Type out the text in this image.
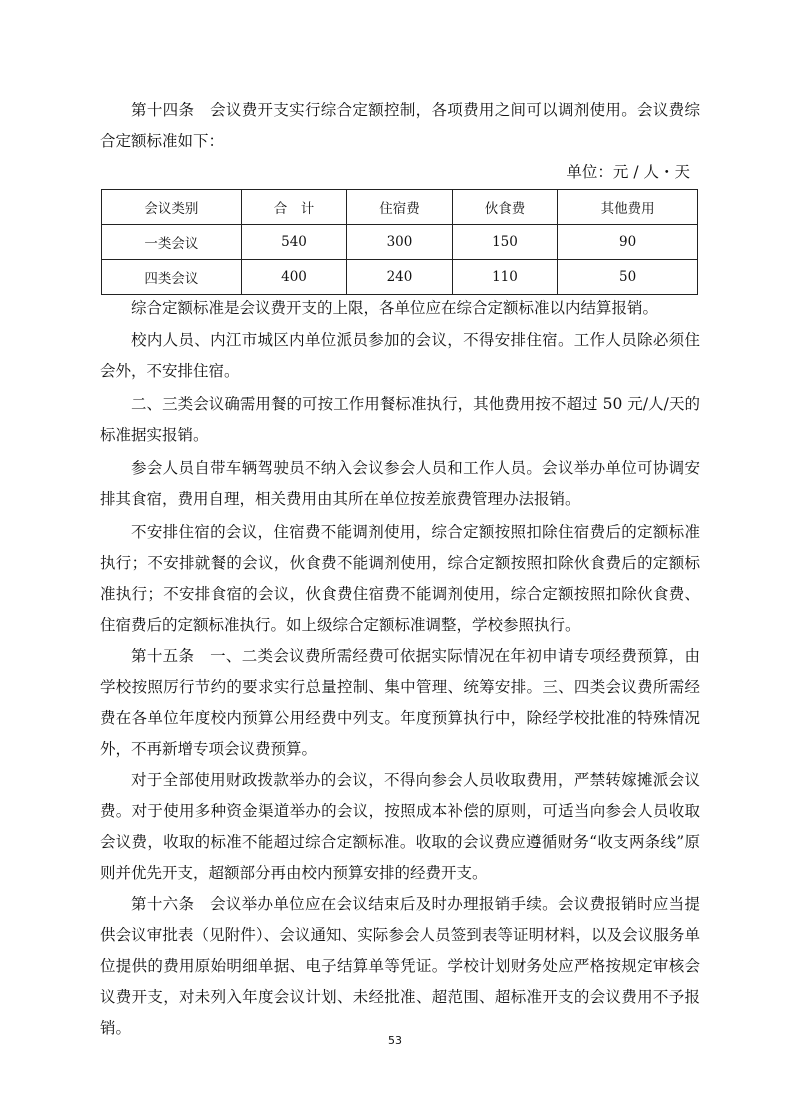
第十四条　会议费开支实行综合定额控制，各项费用之间可以调剂使用。会议费综合定额标准如下：

单位：元 / 人・天
会议类别	合　计	住宿费	伙食费	其他费用
一类会议	540	300	150	90
四类会议	400	240	110	50

综合定额标准是会议费开支的上限，各单位应在综合定额标准以内结算报销。

校内人员、内江市城区内单位派员参加的会议，不得安排住宿。工作人员除必须住会外，不安排住宿。

二、三类会议确需用餐的可按工作用餐标准执行，其他费用按不超过 50 元/人/天的标准据实报销。

参会人员自带车辆驾驶员不纳入会议参会人员和工作人员。会议举办单位可协调安排其食宿，费用自理，相关费用由其所在单位按差旅费管理办法报销。

不安排住宿的会议，住宿费不能调剂使用，综合定额按照扣除住宿费后的定额标准执行；不安排就餐的会议，伙食费不能调剂使用，综合定额按照扣除伙食费后的定额标准执行；不安排食宿的会议，伙食费住宿费不能调剂使用，综合定额按照扣除伙食费、住宿费后的定额标准执行。如上级综合定额标准调整，学校参照执行。

第十五条　一、二类会议费所需经费可依据实际情况在年初申请专项经费预算，由学校按照厉行节约的要求实行总量控制、集中管理、统筹安排。三、四类会议费所需经费在各单位年度校内预算公用经费中列支。年度预算执行中，除经学校批准的特殊情况外，不再新增专项会议费预算。

对于全部使用财政拨款举办的会议，不得向参会人员收取费用，严禁转嫁摊派会议费。对于使用多种资金渠道举办的会议，按照成本补偿的原则，可适当向参会人员收取会议费，收取的标准不能超过综合定额标准。收取的会议费应遵循财务“收支两条线”原则并优先开支，超额部分再由校内预算安排的经费开支。

第十六条　会议举办单位应在会议结束后及时办理报销手续。会议费报销时应当提供会议审批表（见附件）、会议通知、实际参会人员签到表等证明材料，以及会议服务单位提供的费用原始明细单据、电子结算单等凭证。学校计划财务处应严格按规定审核会议费开支，对未列入年度会议计划、未经批准、超范围、超标准开支的会议费用不予报销。

53
